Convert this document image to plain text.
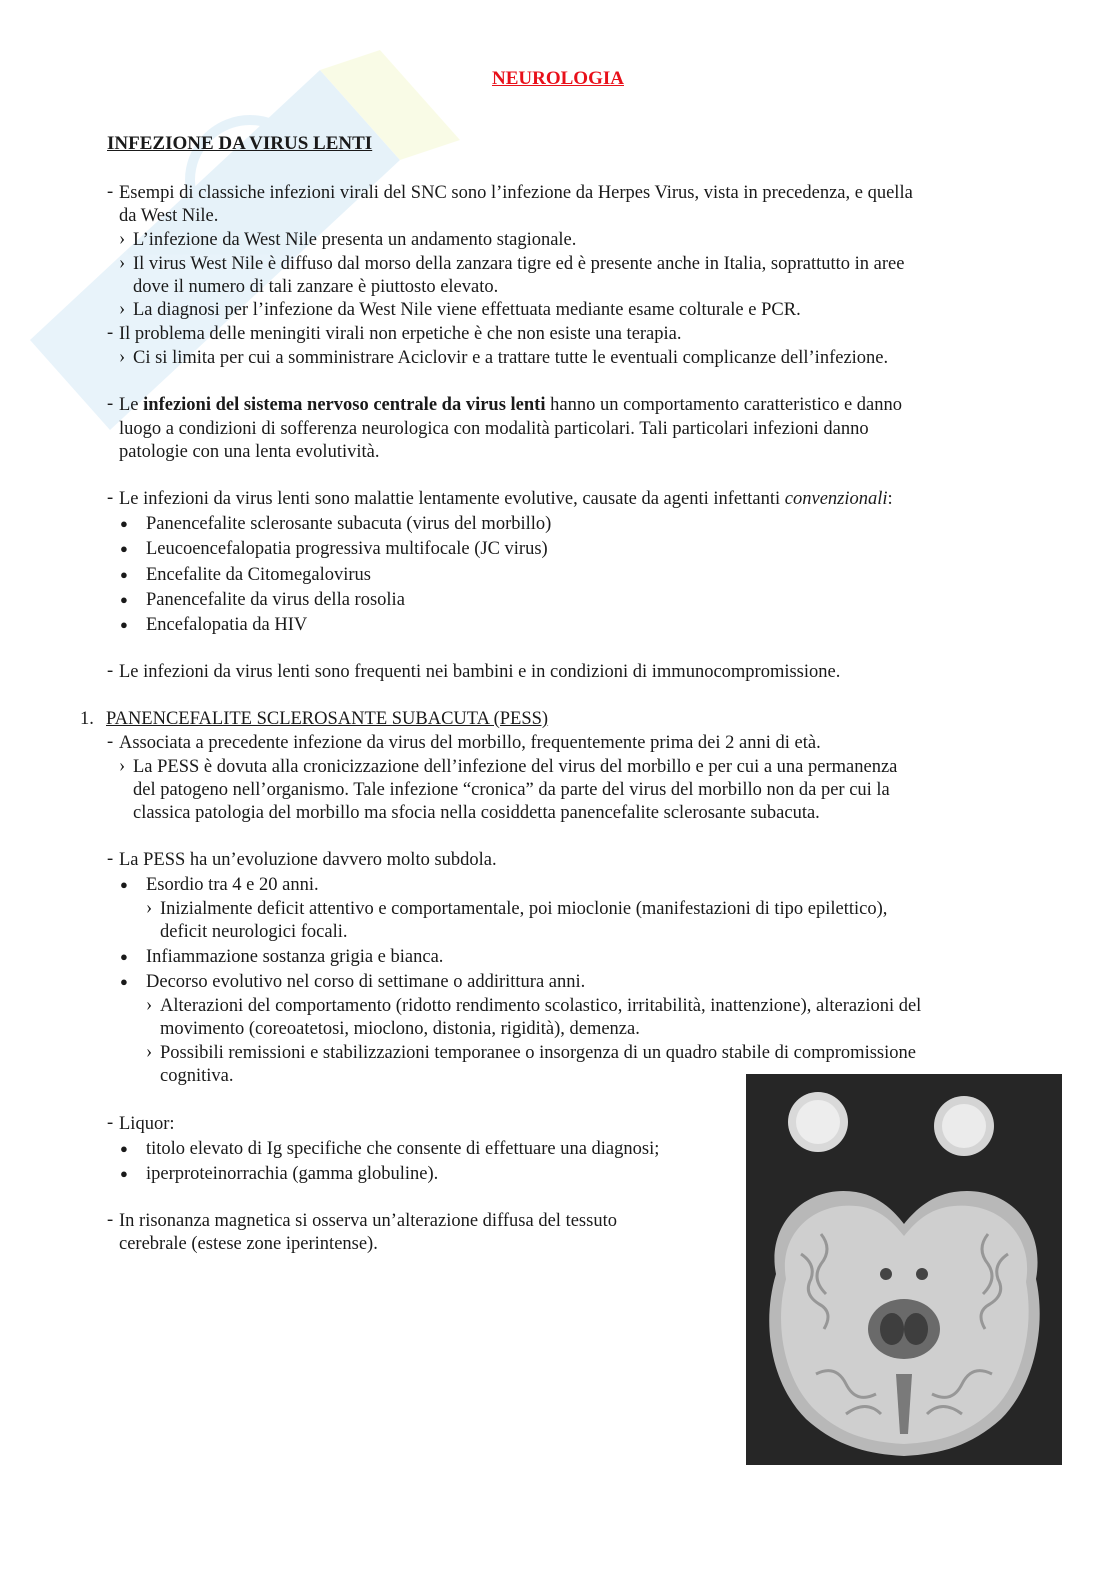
NEUROLOGIA
INFEZIONE DA VIRUS LENTI
- Esempi di classiche infezioni virali del SNC sono l’infezione da Herpes Virus, vista in precedenza, e quella
da West Nile.
› L’infezione da West Nile presenta un andamento stagionale.
› Il virus West Nile è diffuso dal morso della zanzara tigre ed è presente anche in Italia, soprattutto in aree
dove il numero di tali zanzare è piuttosto elevato.
› La diagnosi per l’infezione da West Nile viene effettuata mediante esame colturale e PCR.
- Il problema delle meningiti virali non erpetiche è che non esiste una terapia.
› Ci si limita per cui a somministrare Aciclovir e a trattare tutte le eventuali complicanze dell’infezione.
- Le infezioni del sistema nervoso centrale da virus lenti hanno un comportamento caratteristico e danno
luogo a condizioni di sofferenza neurologica con modalità particolari. Tali particolari infezioni danno
patologie con una lenta evolutività.
- Le infezioni da virus lenti sono malattie lentamente evolutive, causate da agenti infettanti convenzionali:
● Panencefalite sclerosante subacuta (virus del morbillo)
● Leucoencefalopatia progressiva multifocale (JC virus)
● Encefalite da Citomegalovirus
● Panencefalite da virus della rosolia
● Encefalopatia da HIV
- Le infezioni da virus lenti sono frequenti nei bambini e in condizioni di immunocompromissione.
1. PANENCEFALITE SCLEROSANTE SUBACUTA (PESS)
- Associata a precedente infezione da virus del morbillo, frequentemente prima dei 2 anni di età.
› La PESS è dovuta alla cronicizzazione dell’infezione del virus del morbillo e per cui a una permanenza
del patogeno nell’organismo. Tale infezione “cronica” da parte del virus del morbillo non da per cui la
classica patologia del morbillo ma sfocia nella cosiddetta panencefalite sclerosante subacuta.
- La PESS ha un’evoluzione davvero molto subdola.
● Esordio tra 4 e 20 anni.
› Inizialmente deficit attentivo e comportamentale, poi mioclonie (manifestazioni di tipo epilettico),
deficit neurologici focali.
● Infiammazione sostanza grigia e bianca.
● Decorso evolutivo nel corso di settimane o addirittura anni.
› Alterazioni del comportamento (ridotto rendimento scolastico, irritabilità, inattenzione), alterazioni del
movimento (coreoatetosi, mioclono, distonia, rigidità), demenza.
› Possibili remissioni e stabilizzazioni temporanee o insorgenza di un quadro stabile di compromissione
cognitiva.
- Liquor:
● titolo elevato di Ig specifiche che consente di effettuare una diagnosi;
● iperproteinorrachia (gamma globuline).
- In risonanza magnetica si osserva un’alterazione diffusa del tessuto
cerebrale (estese zone iperintense).
